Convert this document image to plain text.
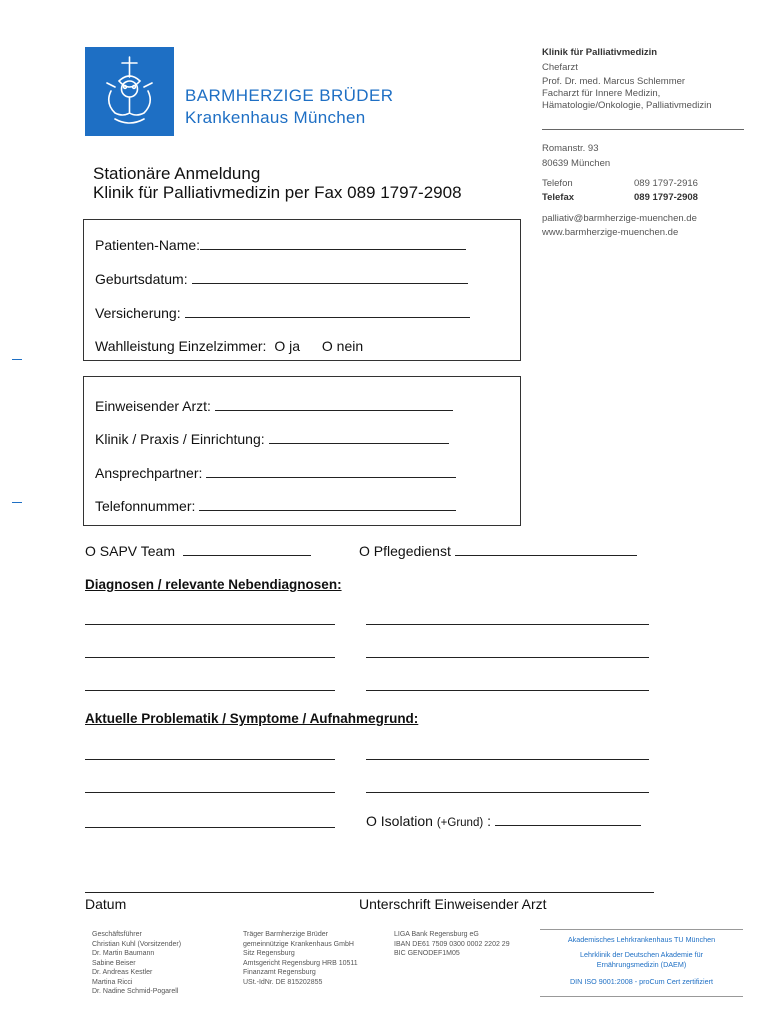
BARMHERZIGE BRÜDER
Krankenhaus München
Klinik für Palliativmedizin
Chefarzt
Prof. Dr. med. Marcus Schlemmer
Facharzt für Innere Medizin,
Hämatologie/Onkologie, Palliativmedizin
Romanstr. 93
80639 München
Telefon	089 1797-2916
Telefax	089 1797-2908
palliativ@barmherzige-muenchen.de
www.barmherzige-muenchen.de
Stationäre Anmeldung
Klinik für Palliativmedizin per Fax 089 1797-2908
Patienten-Name:
Geburtsdatum:
Versicherung:
Wahlleistung Einzelzimmer: O ja O nein
Einweisender Arzt:
Klinik / Praxis / Einrichtung:
Ansprechpartner:
Telefonnummer:
O SAPV Team	O Pflegedienst
Diagnosen / relevante Nebendiagnosen:
Aktuelle Problematik / Symptome / Aufnahmegrund:
O Isolation (+Grund) :
Datum	Unterschrift Einweisender Arzt
Geschäftsführer
Christian Kuhl (Vorsitzender)
Dr. Martin Baumann
Sabine Beiser
Dr. Andreas Kestler
Martina Ricci
Dr. Nadine Schmid-Pogarell
Träger Barmherzige Brüder
gemeinnützige Krankenhaus GmbH
Sitz Regensburg
Amtsgericht Regensburg HRB 10511
Finanzamt Regensburg
USt.-IdNr. DE 815202855
LIGA Bank Regensburg eG
IBAN DE61 7509 0300 0002 2202 29
BIC GENODEF1M05
Akademisches Lehrkrankenhaus TU München
Lehrklinik der Deutschen Akademie für Ernährungsmedizin (DAEM)
DIN ISO 9001:2008 - proCum Cert zertifiziert
